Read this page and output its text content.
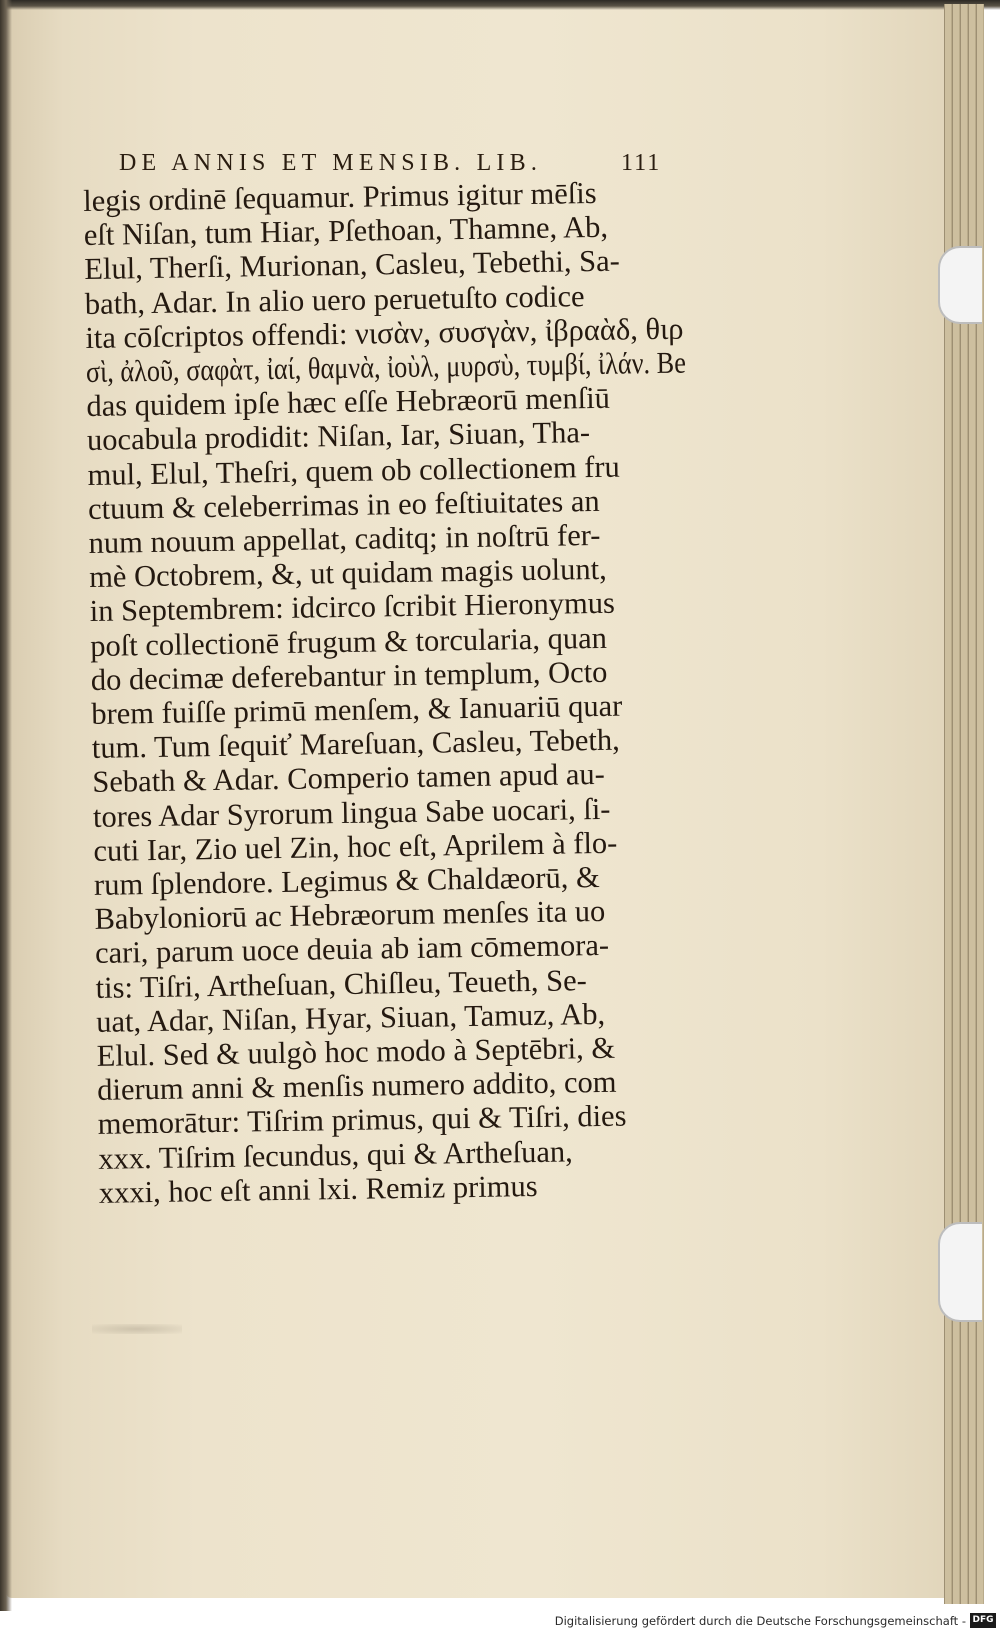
DE ANNIS ET MENSIB. LIB.	111
legis ordinē ſequamur. Primus igitur mēſis
eſt Niſan, tum Hiar, Pſethoan, Thamne, Ab,
Elul, Therſi, Murionan, Casleu, Tebethi, Sa-
bath, Adar. In alio uero peruetuſto codice
ita cōſcriptos offendi: νισὰν, συσγὰν, ἰβραὰδ, θιρ
σὶ, ἀλοῦ, σαφὰτ, ἰαί, θαμνὰ, ἰοὺλ, μυρσὺ, τυμβί, ἰλάν. Be
das quidem ipſe hæc eſſe Hebræorū menſiū
uocabula prodidit: Niſan, Iar, Siuan, Tha-
mul, Elul, Theſri, quem ob collectionem fru
ctuum & celeberrimas in eo feſtiuitates an
num nouum appellat, caditq; in noſtrū fer-
mè Octobrem, &, ut quidam magis uolunt,
in Septembrem: idcirco ſcribit Hieronymus
poſt collectionē frugum & torcularia, quan
do decimæ deferebantur in templum, Octo
brem fuiſſe primū menſem, & Ianuariū quar
tum. Tum ſequiť Mareſuan, Casleu, Tebeth,
Sebath & Adar. Comperio tamen apud au-
tores Adar Syrorum lingua Sabe uocari, ſi-
cuti Iar, Zio uel Zin, hoc eſt, Aprilem à flo-
rum ſplendore. Legimus & Chaldæorū, &
Babyloniorū ac Hebræorum menſes ita uo
cari, parum uoce deuia ab iam cōmemora-
tis: Tiſri, Artheſuan, Chiſleu, Teueth, Se-
uat, Adar, Niſan, Hyar, Siuan, Tamuz, Ab,
Elul. Sed & uulgò hoc modo à Septēbri, &
dierum anni & menſis numero addito, com
memorātur: Tiſrim primus, qui & Tiſri, dies
xxx. Tiſrim ſecundus, qui & Artheſuan,
xxxi, hoc eſt anni lxi. Remiz primus
Digitalisierung gefördert durch die Deutsche Forschungsgemeinschaft - DFG
